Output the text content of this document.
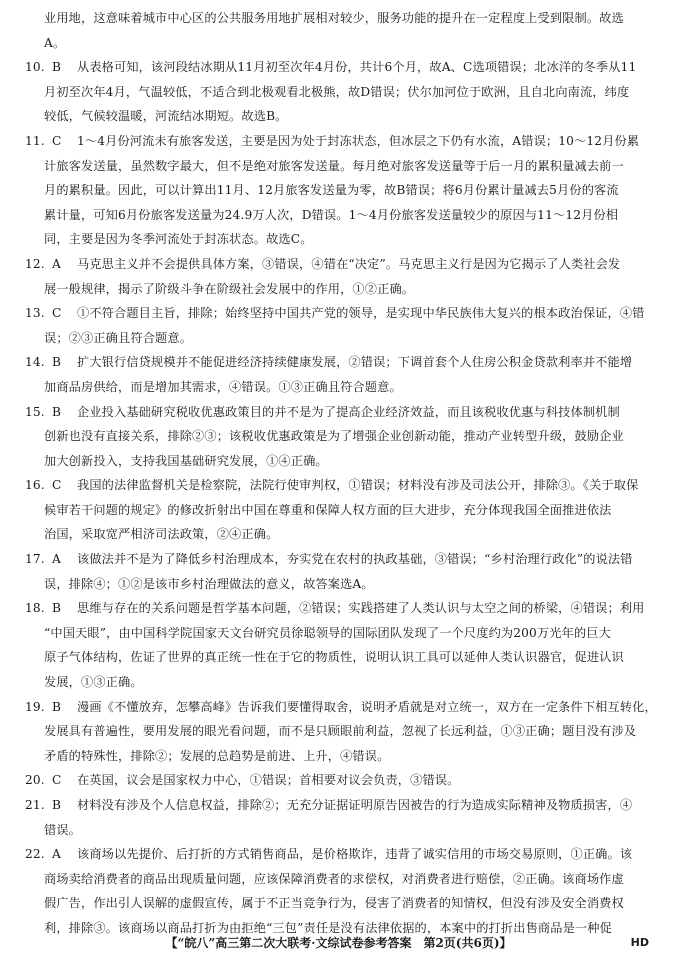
业用地，这意味着城市中心区的公共服务用地扩展相对较少，服务功能的提升在一定程度上受到限制。故选
A。
10. B 从表格可知，该河段结冰期从11月初至次年4月份，共计6个月，故A、C选项错误；北冰洋的冬季从11
月初至次年4月，气温较低，不适合到北极观看北极熊，故D错误；伏尔加河位于欧洲，且自北向南流，纬度
较低，气候较温暖，河流结冰期短。故选B。
11. C 1～4月份河流未有旅客发送，主要是因为处于封冻状态，但冰层之下仍有水流，A错误；10～12月份累
计旅客发送量，虽然数字最大，但不是绝对旅客发送量。每月绝对旅客发送量等于后一月的累积量减去前一
月的累积量。因此，可以计算出11月、12月旅客发送量为零，故B错误；将6月份累计量减去5月份的客流
累计量，可知6月份旅客发送量为24.9万人次，D错误。1～4月份旅客发送量较少的原因与11～12月份相
同，主要是因为冬季河流处于封冻状态。故选C。
12. A 马克思主义并不会提供具体方案，③错误，④错在“决定”。马克思主义行是因为它揭示了人类社会发
展一般规律，揭示了阶级斗争在阶级社会发展中的作用，①②正确。
13. C ①不符合题目主旨，排除；始终坚持中国共产党的领导，是实现中华民族伟大复兴的根本政治保证，④错
误；②③正确且符合题意。
14. B 扩大银行信贷规模并不能促进经济持续健康发展，②错误；下调首套个人住房公积金贷款利率并不能增
加商品房供给，而是增加其需求，④错误。①③正确且符合题意。
15. B 企业投入基础研究税收优惠政策目的并不是为了提高企业经济效益，而且该税收优惠与科技体制机制
创新也没有直接关系，排除②③；该税收优惠政策是为了增强企业创新动能，推动产业转型升级，鼓励企业
加大创新投入，支持我国基础研究发展，①④正确。
16. C 我国的法律监督机关是检察院，法院行使审判权，①错误；材料没有涉及司法公开，排除③。《关于取保
候审若干问题的规定》的修改折射出中国在尊重和保障人权方面的巨大进步，充分体现我国全面推进依法
治国，采取宽严相济司法政策，②④正确。
17. A 该做法并不是为了降低乡村治理成本，夯实党在农村的执政基础，③错误；“乡村治理行政化”的说法错
误，排除④；①②是该市乡村治理做法的意义，故答案选A。
18. B 思维与存在的关系问题是哲学基本问题，②错误；实践搭建了人类认识与太空之间的桥梁，④错误；利用
“中国天眼”，由中国科学院国家天文台研究员徐聪领导的国际团队发现了一个尺度约为200万光年的巨大
原子气体结构，佐证了世界的真正统一性在于它的物质性，说明认识工具可以延伸人类认识器官，促进认识
发展，①③正确。
19. B 漫画《不懂放弃，怎攀高峰》告诉我们要懂得取舍，说明矛盾就是对立统一，双方在一定条件下相互转化，
发展具有普遍性，要用发展的眼光看问题，而不是只顾眼前利益，忽视了长远利益，①③正确；题目没有涉及
矛盾的特殊性，排除②；发展的总趋势是前进、上升，④错误。
20. C 在英国，议会是国家权力中心，①错误；首相要对议会负责，③错误。
21. B 材料没有涉及个人信息权益，排除②；无充分证据证明原告因被告的行为造成实际精神及物质损害，④
错误。
22. A 该商场以先提价、后打折的方式销售商品，是价格欺诈，违背了诚实信用的市场交易原则，①正确。该
商场卖给消费者的商品出现质量问题，应该保障消费者的求偿权，对消费者进行赔偿，②正确。该商场作虚
假广告，作出引人误解的虚假宣传，属于不正当竞争行为，侵害了消费者的知情权，但没有涉及安全消费权
利，排除③。该商场以商品打折为由拒绝“三包”责任是没有法律依据的，本案中的打折出售商品是一种促
【“皖八”高三第二次大联考·文综试卷参考答案　第2页(共6页)】	HD
